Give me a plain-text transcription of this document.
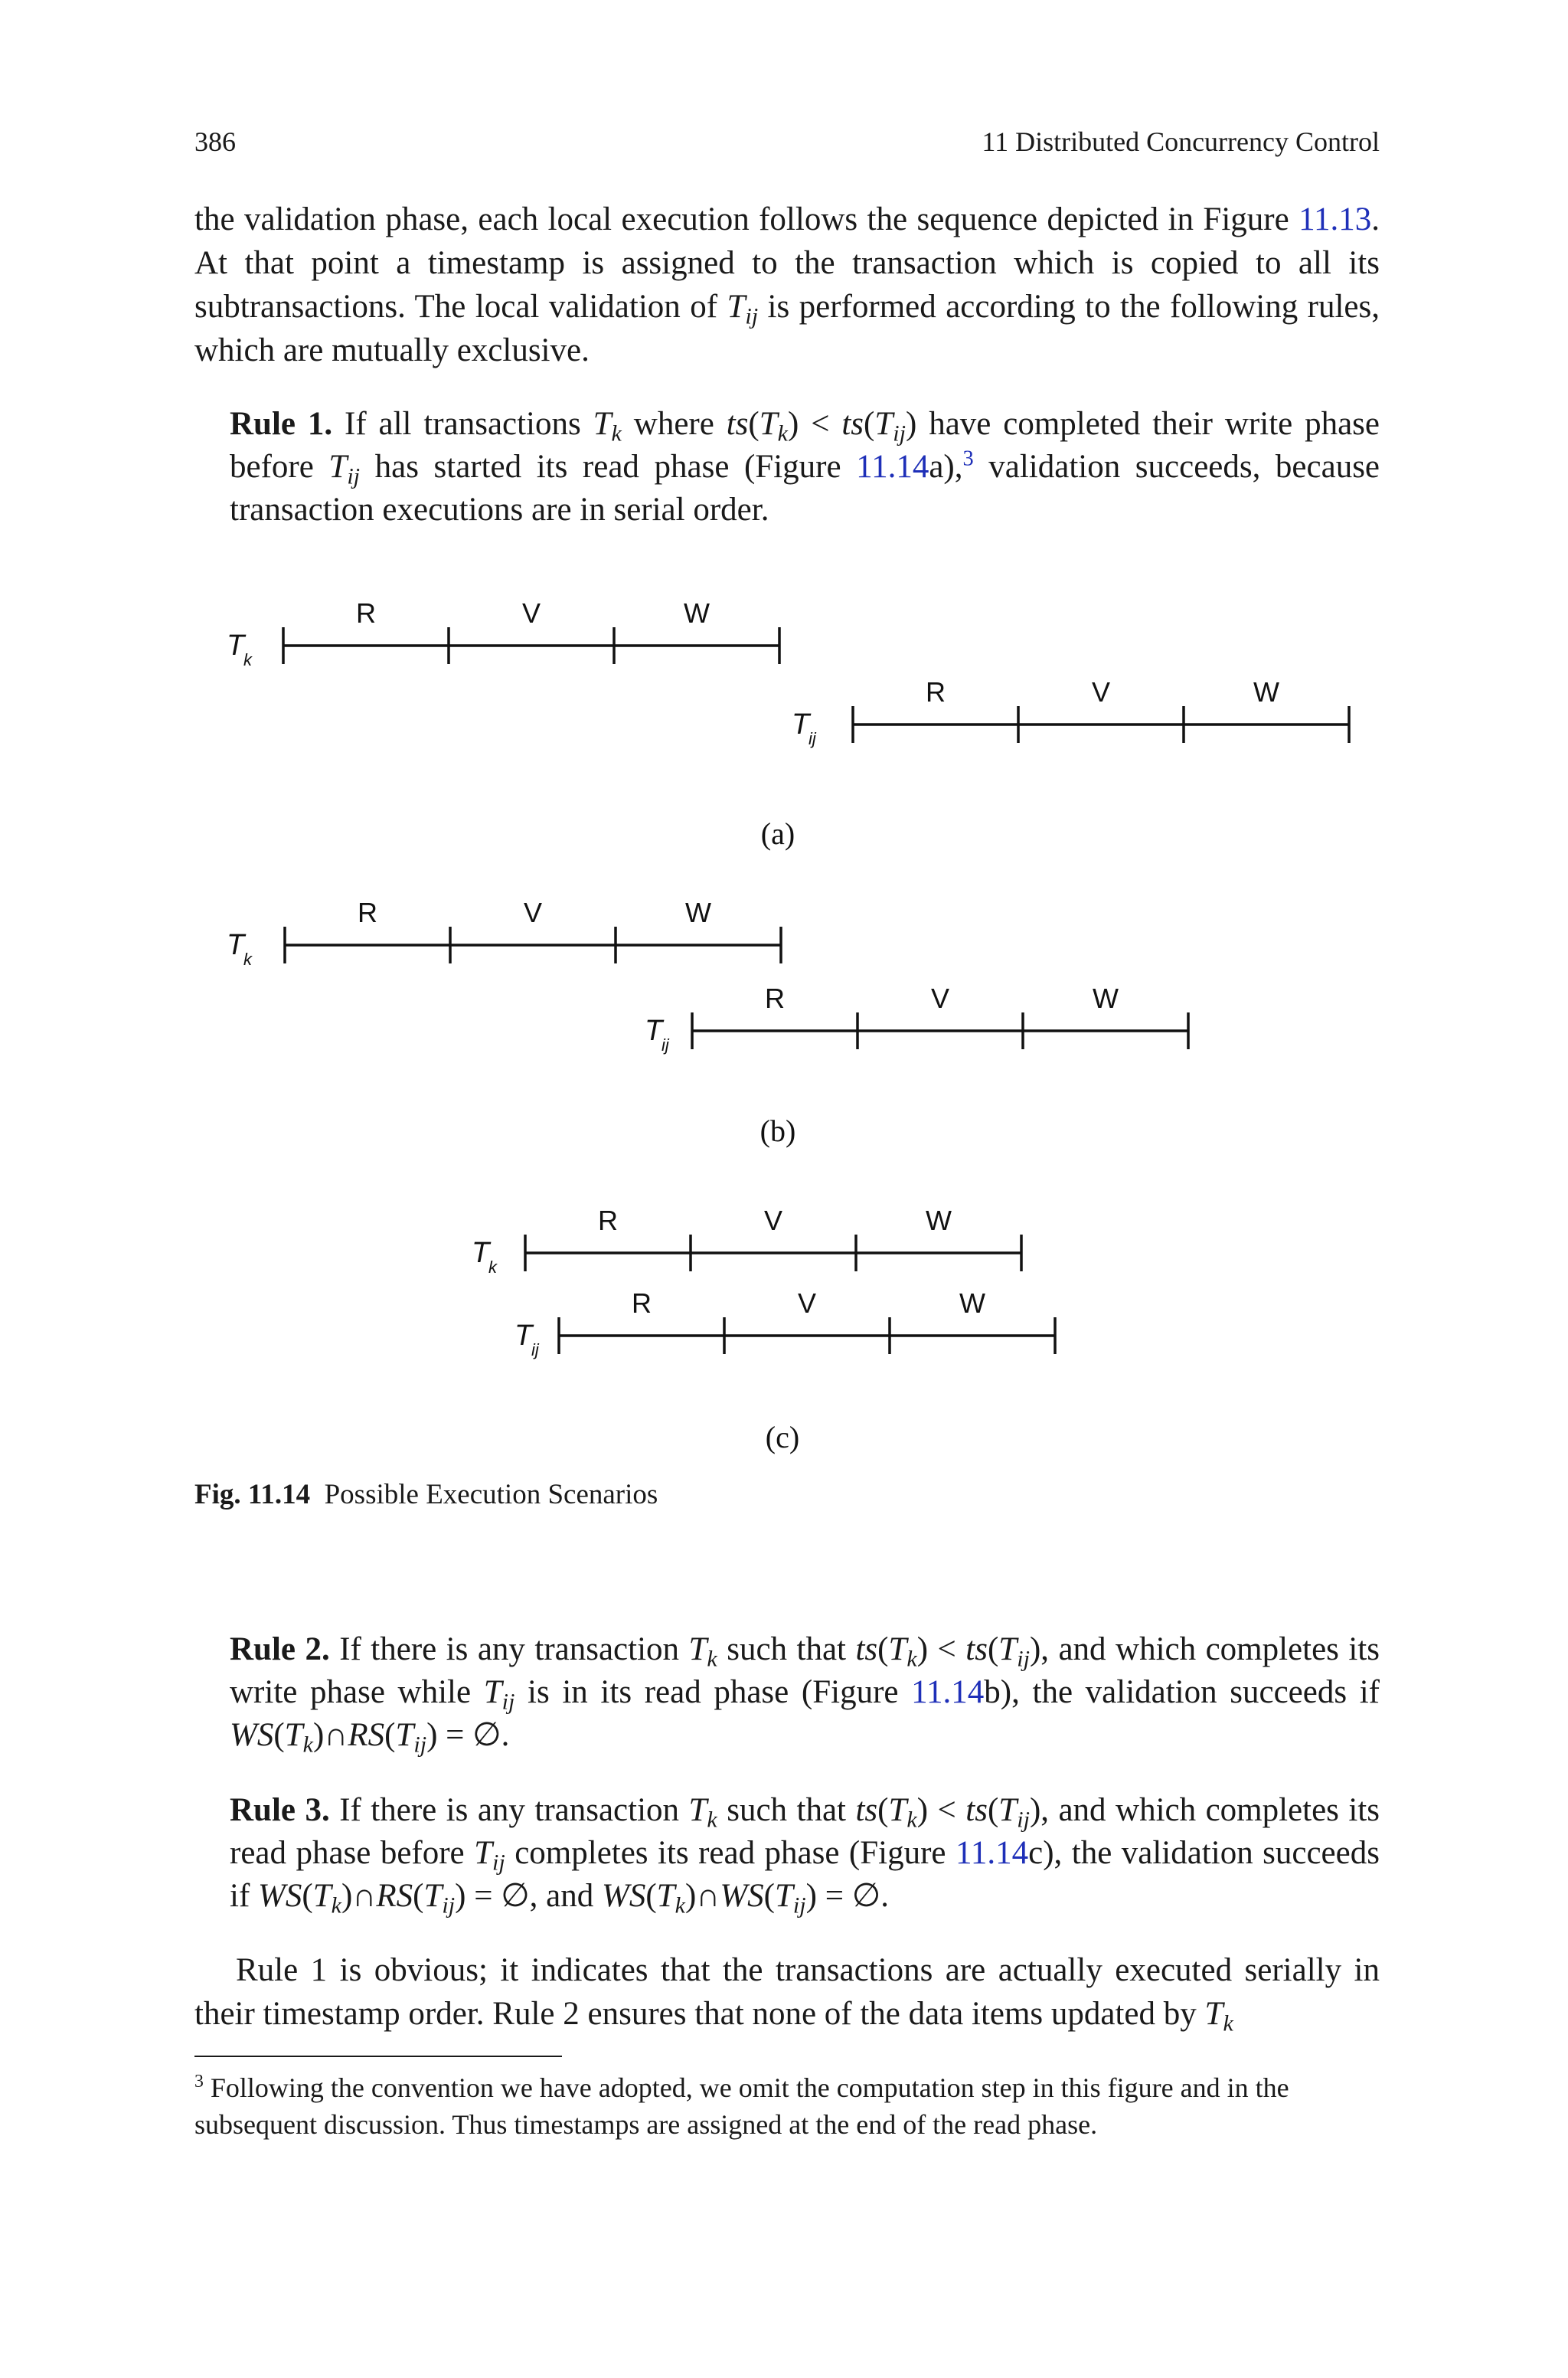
386	11 Distributed Concurrency Control
the validation phase, each local execution follows the sequence depicted in Figure 11.13. At that point a timestamp is assigned to the transaction which is copied to all its subtransactions. The local validation of $T_{ij}$ is performed according to the following rules, which are mutually exclusive.
Rule 1. If all transactions $T_k$ where $ts(T_k) < ts(T_{ij})$ have completed their write phase before $T_{ij}$ has started its read phase (Figure 11.14a),$^3$ validation succeeds, because transaction executions are in serial order.
R	V	W
T
k
R	V	W
T
ij
(a)
R	V	W
T
k
R	V	W
T
ij
(b)
R	V	W
T
k
R	V	W
T
ij
(c)
Fig. 11.14 Possible Execution Scenarios
Rule 2. If there is any transaction $T_k$ such that $ts(T_k) < ts(T_{ij})$, and which completes its write phase while $T_{ij}$ is in its read phase (Figure 11.14b), the validation succeeds if $WS(T_k)\cap RS(T_{ij})$ = ∅.
Rule 3. If there is any transaction $T_k$ such that $ts(T_k) < ts(T_{ij})$, and which completes its read phase before $T_{ij}$ completes its read phase (Figure 11.14c), the validation succeeds if $WS(T_k)\cap RS(T_{ij})$ = ∅, and $WS(T_k)\cap WS(T_{ij})$ = ∅.
Rule 1 is obvious; it indicates that the transactions are actually executed serially in their timestamp order. Rule 2 ensures that none of the data items updated by $T_k$
$^3$ Following the convention we have adopted, we omit the computation step in this figure and in the subsequent discussion. Thus timestamps are assigned at the end of the read phase.
